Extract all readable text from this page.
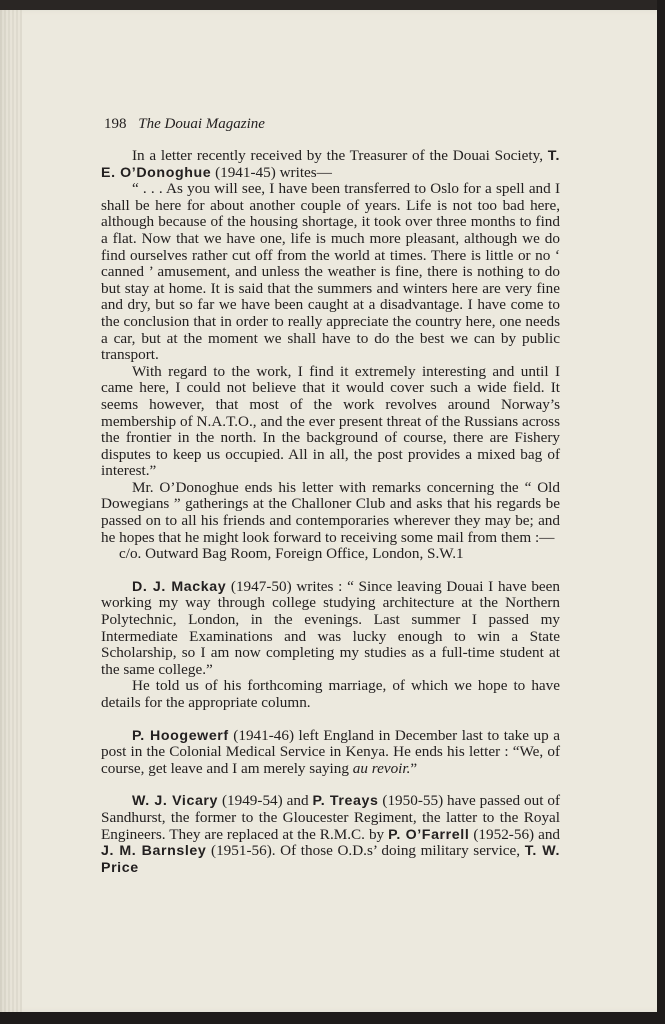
198 The Douai Magazine

In a letter recently received by the Treasurer of the Douai Society, T. E. O’Donoghue (1941-45) writes—

“ . . . As you will see, I have been transferred to Oslo for a spell and I shall be here for about another couple of years. Life is not too bad here, although because of the housing shortage, it took over three months to find a flat. Now that we have one, life is much more pleasant, although we do find ourselves rather cut off from the world at times. There is little or no ‘ canned ’ amusement, and unless the weather is fine, there is nothing to do but stay at home. It is said that the summers and winters here are very fine and dry, but so far we have been caught at a disadvantage. I have come to the conclusion that in order to really appreciate the country here, one needs a car, but at the moment we shall have to do the best we can by public transport.

With regard to the work, I find it extremely interesting and until I came here, I could not believe that it would cover such a wide field. It seems however, that most of the work revolves around Norway’s membership of N.A.T.O., and the ever present threat of the Russians across the frontier in the north. In the background of course, there are Fishery disputes to keep us occupied. All in all, the post provides a mixed bag of interest.”

Mr. O’Donoghue ends his letter with remarks concerning the “ Old Dowegians ” gatherings at the Challoner Club and asks that his regards be passed on to all his friends and contemporaries wherever they may be; and he hopes that he might look forward to receiving some mail from them :—

c/o. Outward Bag Room, Foreign Office, London, S.W.1

D. J. Mackay (1947-50) writes : “ Since leaving Douai I have been working my way through college studying architecture at the Northern Polytechnic, London, in the evenings. Last summer I passed my Intermediate Examinations and was lucky enough to win a State Scholarship, so I am now completing my studies as a full-time student at the same college.”

He told us of his forthcoming marriage, of which we hope to have details for the appropriate column.

P. Hoogewerf (1941-46) left England in December last to take up a post in the Colonial Medical Service in Kenya. He ends his letter : “We, of course, get leave and I am merely saying au revoir.”

W. J. Vicary (1949-54) and P. Treays (1950-55) have passed out of Sandhurst, the former to the Gloucester Regiment, the latter to the Royal Engineers. They are replaced at the R.M.C. by P. O’Farrell (1952-56) and J. M. Barnsley (1951-56). Of those O.D.s’ doing military service, T. W. Price
